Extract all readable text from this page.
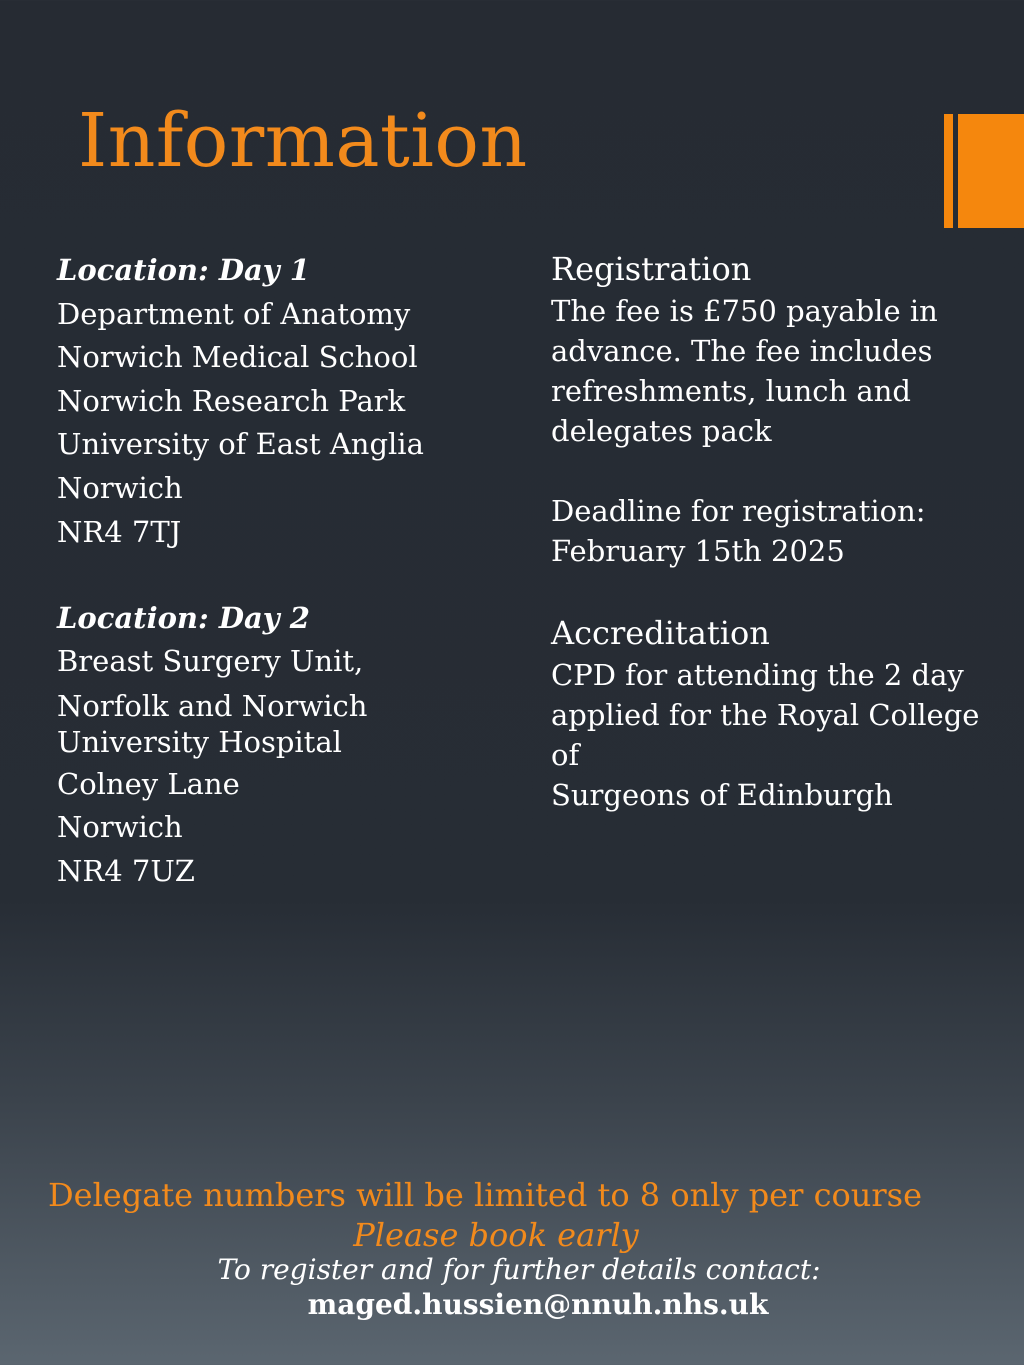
Information
Location: Day 1
Department of Anatomy
Norwich Medical School
Norwich Research Park
University of East Anglia
Norwich
NR4 7TJ
Location: Day 2
Breast Surgery Unit,
Norfolk and Norwich University Hospital
Colney Lane
Norwich
NR4 7UZ
Registration
The fee is £750 payable in
advance. The fee includes
refreshments, lunch and
delegates pack
Deadline for registration:
February 15th 2025
Accreditation
CPD for attending the 2 day
applied for the Royal College of
Surgeons of Edinburgh
Delegate numbers will be limited to 8 only per course
Please book early
To register and for further details contact:
maged.hussien@nnuh.nhs.uk
